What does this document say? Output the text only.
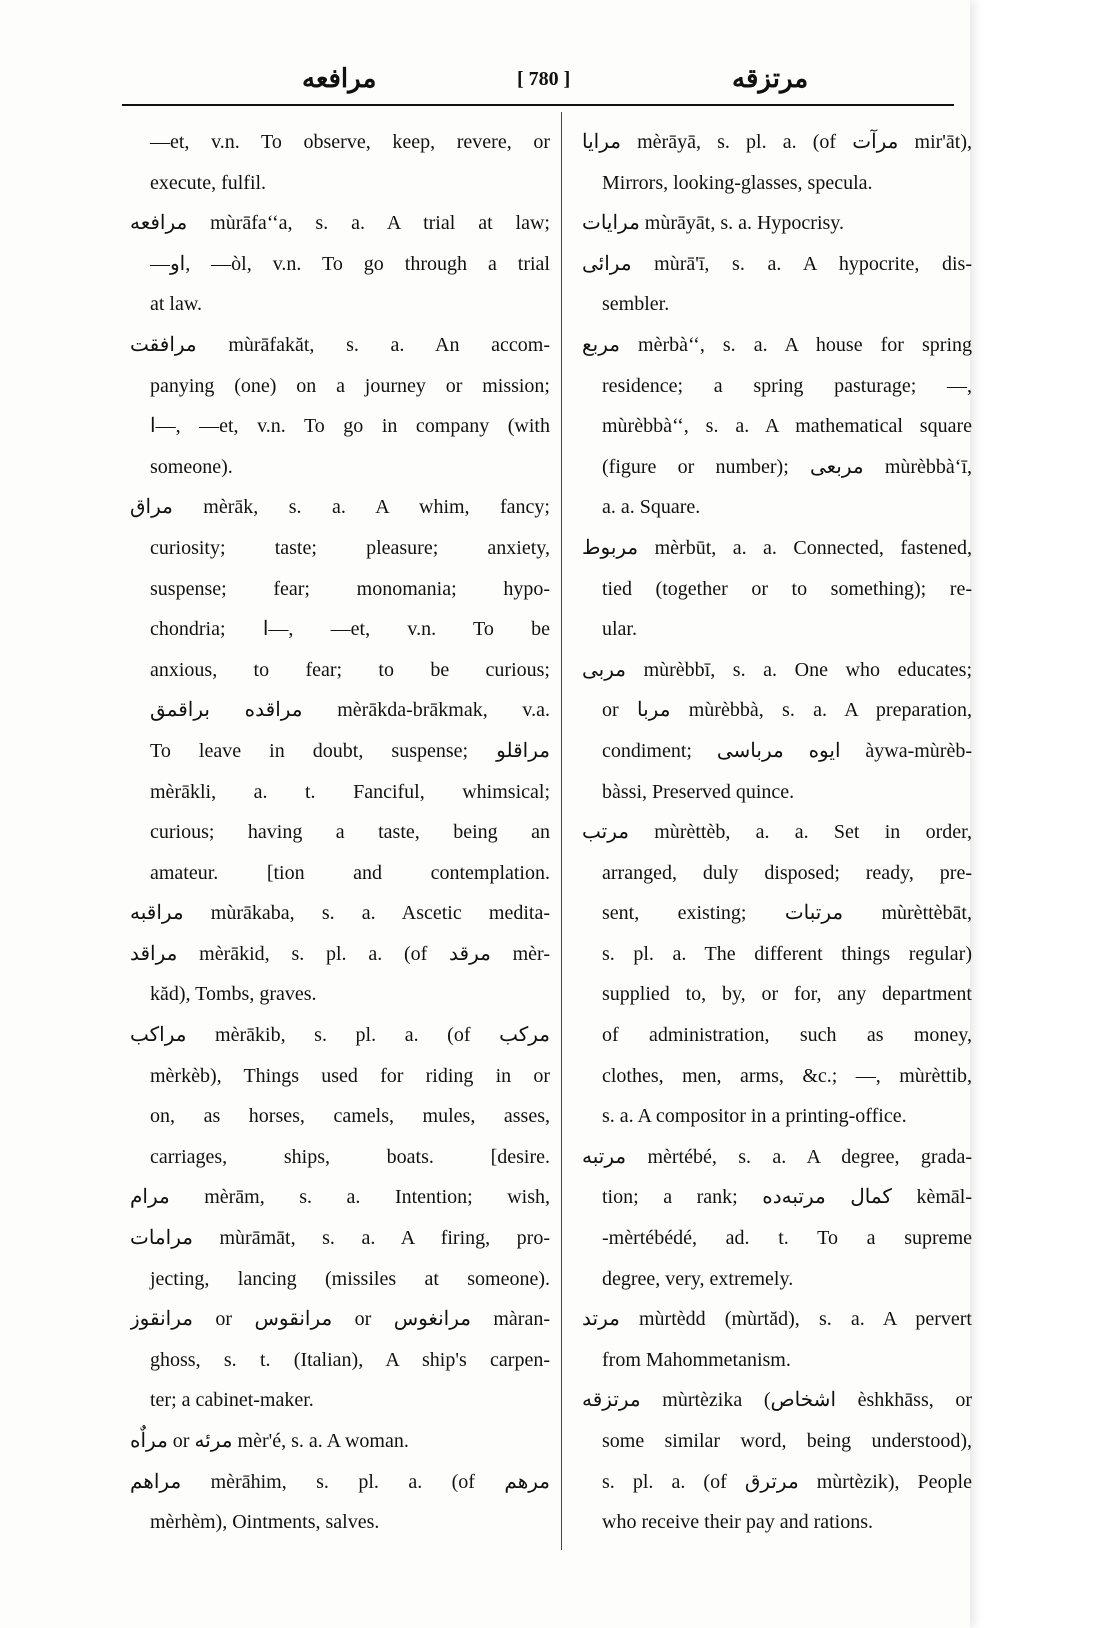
مرافعه	[ 780 ]	مرتزقه
—et, v.n. To observe, keep, revere, or
execute, fulfil.
مرافعه mùrāfa‘‘a, s. a. A trial at law;
—او, —òl, v.n. To go through a trial
at law.
مرافقت mùrāfakăt, s. a. An accom-
panying (one) on a journey or mission;
ا—, —et, v.n. To go in company (with
someone).
مراق mèrāk, s. a. A whim, fancy;
curiosity; taste; pleasure; anxiety,
suspense; fear; monomania; hypo-
chondria; ا—, —et, v.n. To be
anxious, to fear; to be curious;
مراقده براقمق mèrākda-brākmak, v.a.
To leave in doubt, suspense; مراقلو
mèrākli, a. t. Fanciful, whimsical;
curious; having a taste, being an
amateur. [tion and contemplation.
مراقبه mùrākaba, s. a. Ascetic medita-
مراقد mèrākid, s. pl. a. (of مرقد mèr-
kăd), Tombs, graves.
مراكب mèrākib, s. pl. a. (of مركب
mèrkèb), Things used for riding in or
on, as horses, camels, mules, asses,
carriages, ships, boats. [desire.
مرام mèrām, s. a. Intention; wish,
مرامات mùrāmāt, s. a. A firing, pro-
jecting, lancing (missiles at someone).
مرانقوز or مرانقوس or مرانغوس màran-
ghoss, s. t. (Italian), A ship's carpen-
ter; a cabinet-maker.
مراٌه or مرئه mèr'é, s. a. A woman.
مراهم mèrāhim, s. pl. a. (of مرهم
mèrhèm), Ointments, salves.
مرايا mèrāyā, s. pl. a. (of مرآت mir'āt),
Mirrors, looking-glasses, specula.
مرايات mùrāyāt, s. a. Hypocrisy.
مرائى mùrā'ī, s. a. A hypocrite, dis-
sembler.
مربع mèrbà‘‘, s. a. A house for spring
residence; a spring pasturage; —,
mùrèbbà‘‘, s. a. A mathematical square
(figure or number); مربعى mùrèbbà‘ī,
a. a. Square.
مربوط mèrbūt, a. a. Connected, fastened,
tied (together or to something); re-
ular.
مربى mùrèbbī, s. a. One who educates;
or مربا mùrèbbà, s. a. A preparation,
condiment; ايوه مرباسى àywa-mùrèb-
bàssi, Preserved quince.
مرتب mùrèttèb, a. a. Set in order,
arranged, duly disposed; ready, pre-
sent, existing; مرتبات mùrèttèbāt,
s. pl. a. The different things regular)
supplied to, by, or for, any department
of administration, such as money,
clothes, men, arms, &c.; —, mùrèttib,
s. a. A compositor in a printing-office.
مرتبه mèrtébé, s. a. A degree, grada-
tion; a rank; كمال مرتبه‌ده kèmāl-
-mèrtébédé, ad. t. To a supreme
degree, very, extremely.
مرتد mùrtèdd (mùrtăd), s. a. A pervert
from Mahommetanism.
مرتزقه mùrtèzika (اشخاص èshkhāss, or
some similar word, being understood),
s. pl. a. (of مرترق mùrtèzik), People
who receive their pay and rations.
